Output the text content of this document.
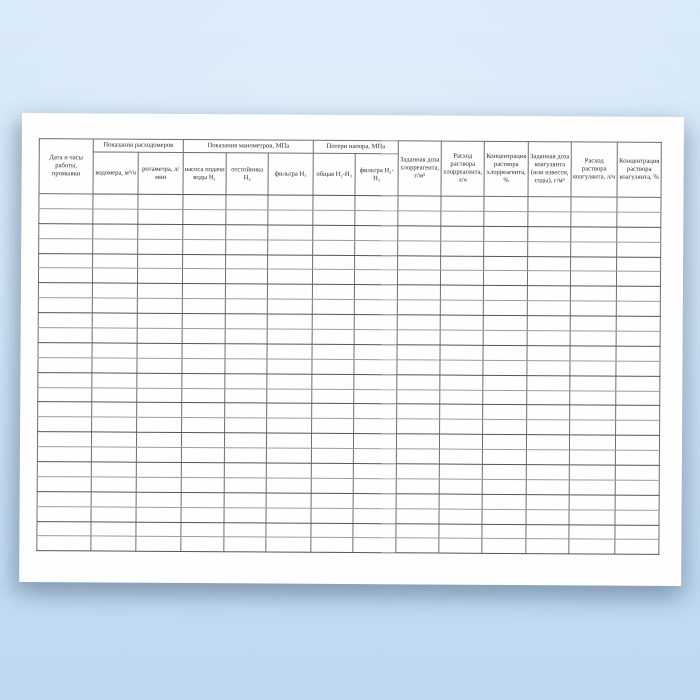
Дата и часы работы, промывки	Показания расходомеров		Показания манометров, МПа			Потери напора, МПа		Заданная доза хлорреагента, г/м³	Расход раствора хлорреагента, л/ч	Концентрация раствора хлорреагента, %	Заданная доза коагулянта (или извести, соды), г/м³	Расход раствора коагулянта, л/ч	Концентрация раствора коагулянта, %
	водомера, м³/ч	ротаметра, л/мин	насоса подачи воды Н₁	отстойника Н₂	фильтра Н₃	общая Н₁-Н₃	фильтра Н₂-Н₃						
